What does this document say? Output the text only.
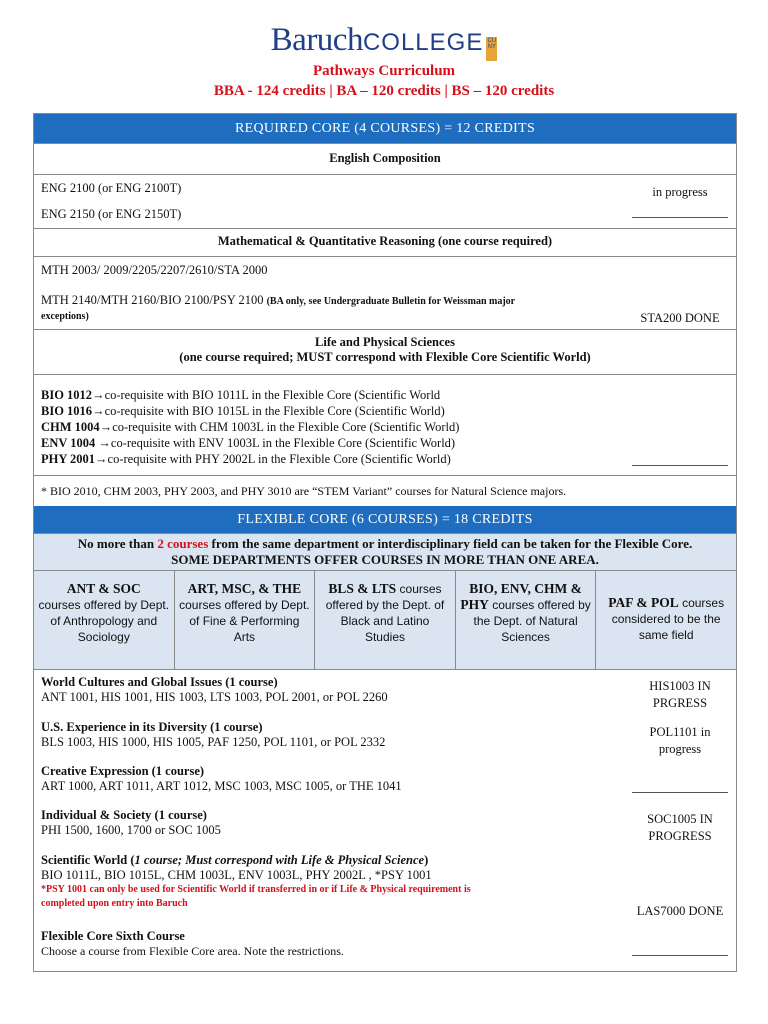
BaruchCOLLEGE CUNY
Pathways Curriculum
BBA - 124 credits | BA – 120 credits | BS – 120 credits
REQUIRED CORE (4 COURSES) = 12 CREDITS
English Composition
ENG 2100 (or ENG 2100T)
ENG 2150 (or ENG 2150T)
in progress
Mathematical & Quantitative Reasoning (one course required)
MTH 2003/ 2009/2205/2207/2610/STA 2000
MTH 2140/MTH 2160/BIO 2100/PSY 2100 (BA only, see Undergraduate Bulletin for Weissman major
exceptions)	STA200 DONE
Life and Physical Sciences
(one course required; MUST correspond with Flexible Core Scientific World)
BIO 1012→co-requisite with BIO 1011L in the Flexible Core (Scientific World
BIO 1016→co-requisite with BIO 1015L in the Flexible Core (Scientific World)
CHM 1004→co-requisite with CHM 1003L in the Flexible Core (Scientific World)
ENV 1004 →co-requisite with ENV 1003L in the Flexible Core (Scientific World)
PHY 2001→co-requisite with PHY 2002L in the Flexible Core (Scientific World)
* BIO 2010, CHM 2003, PHY 2003, and PHY 3010 are “STEM Variant” courses for Natural Science majors.
FLEXIBLE CORE (6 COURSES) = 18 CREDITS
No more than 2 courses from the same department or interdisciplinary field can be taken for the Flexible Core.
SOME DEPARTMENTS OFFER COURSES IN MORE THAN ONE AREA.
ANT & SOC
courses offered by Dept. of Anthropology and Sociology
ART, MSC, & THE
courses offered by Dept. of Fine & Performing Arts
BLS & LTS courses offered by the Dept. of Black and Latino Studies
BIO, ENV, CHM & PHY courses offered by the Dept. of Natural Sciences
PAF & POL courses considered to be the same field
World Cultures and Global Issues (1 course)
ANT 1001, HIS 1001, HIS 1003, LTS 1003, POL 2001, or POL 2260
U.S. Experience in its Diversity (1 course)
BLS 1003, HIS 1000, HIS 1005, PAF 1250, POL 1101, or POL 2332
Creative Expression (1 course)
ART 1000, ART 1011, ART 1012, MSC 1003, MSC 1005, or THE 1041
Individual & Society (1 course)
PHI 1500, 1600, 1700 or SOC 1005
Scientific World (1 course; Must correspond with Life & Physical Science)
BIO 1011L, BIO 1015L, CHM 1003L, ENV 1003L, PHY 2002L , *PSY 1001
*PSY 1001 can only be used for Scientific World if transferred in or if Life & Physical requirement is
completed upon entry into Baruch
Flexible Core Sixth Course
Choose a course from Flexible Core area. Note the restrictions.
HIS1003 IN
PRGRESS
POL1101 in
progress
SOC1005 IN
PROGRESS
LAS7000 DONE
